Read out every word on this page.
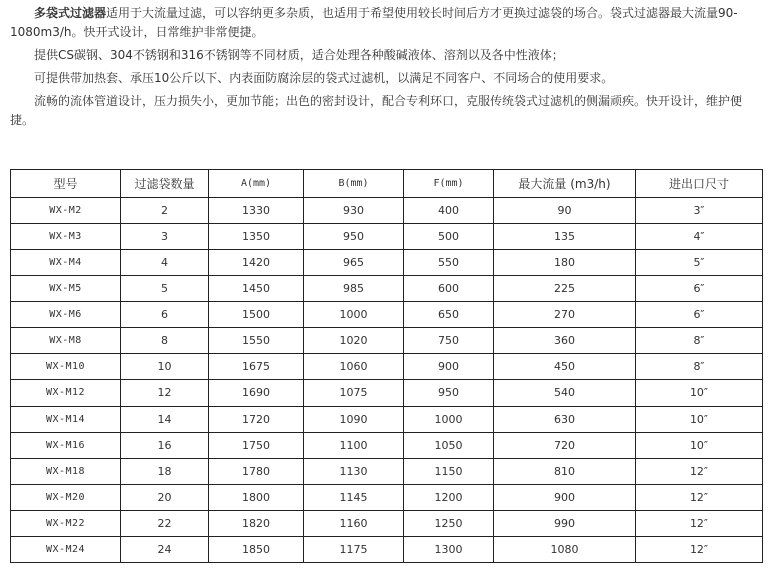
多袋式过滤器适用于大流量过滤，可以容纳更多杂质，也适用于希望使用较长时间后方才更换过滤袋的场合。袋式过滤器最大流量90-1080m3/h。快开式设计，日常维护非常便捷。

提供CS碳钢、304不锈钢和316不锈钢等不同材质，适合处理各种酸碱液体、溶剂以及各中性液体；

可提供带加热套、承压10公斤以下、内表面防腐涂层的袋式过滤机，以满足不同客户、不同场合的使用要求。

流畅的流体管道设计，压力损失小，更加节能；出色的密封设计，配合专利环口，克服传统袋式过滤机的侧漏顽疾。快开设计，维护便捷。

型号	过滤袋数量	A(mm)	B(mm)	F(mm)	最大流量 (m3/h)	进出口尺寸
WX-M2	2	1330	930	400	90	3″
WX-M3	3	1350	950	500	135	4″
WX-M4	4	1420	965	550	180	5″
WX-M5	5	1450	985	600	225	6″
WX-M6	6	1500	1000	650	270	6″
WX-M8	8	1550	1020	750	360	8″
WX-M10	10	1675	1060	900	450	8″
WX-M12	12	1690	1075	950	540	10″
WX-M14	14	1720	1090	1000	630	10″
WX-M16	16	1750	1100	1050	720	10″
WX-M18	18	1780	1130	1150	810	12″
WX-M20	20	1800	1145	1200	900	12″
WX-M22	22	1820	1160	1250	990	12″
WX-M24	24	1850	1175	1300	1080	12″
